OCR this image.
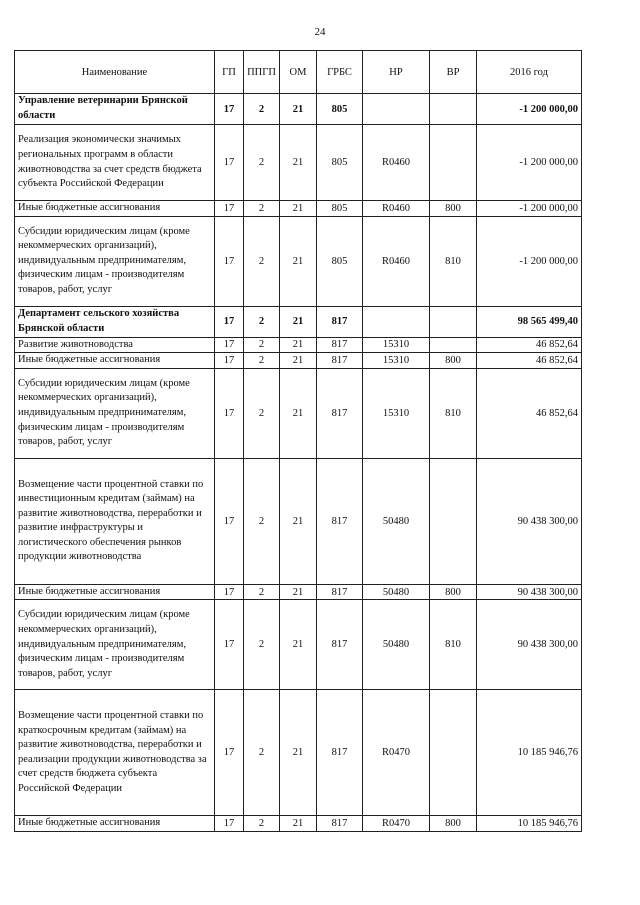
24
Наименование	ГП	ППГП	ОМ	ГРБС	НР	ВР	2016 год
Управление ветеринарии Брянской области	17	2	21	805			-1 200 000,00
Реализация экономически значимых региональных программ в области животноводства за счет средств бюджета субъекта Российской Федерации	17	2	21	805	R0460		-1 200 000,00
Иные бюджетные ассигнования	17	2	21	805	R0460	800	-1 200 000,00
Субсидии юридическим лицам (кроме некоммерческих организаций), индивидуальным предпринимателям, физическим лицам - производителям товаров, работ, услуг	17	2	21	805	R0460	810	-1 200 000,00
Департамент сельского хозяйства Брянской области	17	2	21	817			98 565 499,40
Развитие животноводства	17	2	21	817	15310		46 852,64
Иные бюджетные ассигнования	17	2	21	817	15310	800	46 852,64
Субсидии юридическим лицам (кроме некоммерческих организаций), индивидуальным предпринимателям, физическим лицам - производителям товаров, работ, услуг	17	2	21	817	15310	810	46 852,64
Возмещение части процентной ставки по инвестиционным кредитам (займам) на развитие животноводства, переработки и развитие инфраструктуры и логистического обеспечения рынков продукции животноводства	17	2	21	817	50480		90 438 300,00
Иные бюджетные ассигнования	17	2	21	817	50480	800	90 438 300,00
Субсидии юридическим лицам (кроме некоммерческих организаций), индивидуальным предпринимателям, физическим лицам - производителям товаров, работ, услуг	17	2	21	817	50480	810	90 438 300,00
Возмещение части процентной ставки по краткосрочным кредитам (займам) на развитие животноводства, переработки и реализации продукции животноводства за счет средств бюджета субъекта Российской Федерации	17	2	21	817	R0470		10 185 946,76
Иные бюджетные ассигнования	17	2	21	817	R0470	800	10 185 946,76
